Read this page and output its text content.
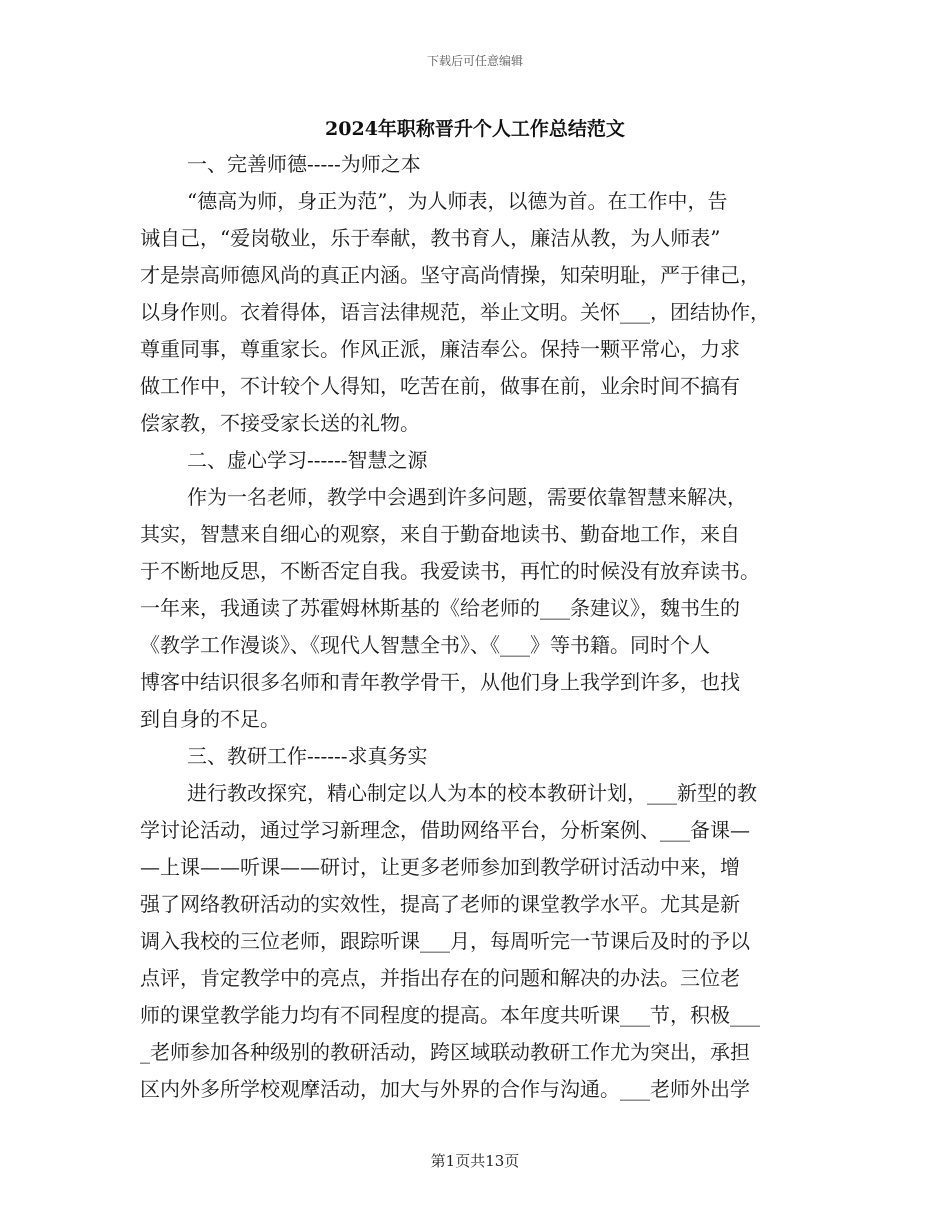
下载后可任意编辑
2024年职称晋升个人工作总结范文
一、完善师德-----为师之本
“德高为师，身正为范”，为人师表，以德为首。在工作中，告
诫自己，“爱岗敬业，乐于奉献，教书育人，廉洁从教，为人师表”
才是崇高师德风尚的真正内涵。坚守高尚情操，知荣明耻，严于律己，
以身作则。衣着得体，语言法律规范，举止文明。关怀___，团结协作，
尊重同事，尊重家长。作风正派，廉洁奉公。保持一颗平常心，力求
做工作中，不计较个人得知，吃苦在前，做事在前，业余时间不搞有
偿家教，不接受家长送的礼物。
二、虚心学习------智慧之源
作为一名老师，教学中会遇到许多问题，需要依靠智慧来解决，
其实，智慧来自细心的观察，来自于勤奋地读书、勤奋地工作，来自
于不断地反思，不断否定自我。我爱读书，再忙的时候没有放弃读书。
一年来，我通读了苏霍姆林斯基的《给老师的___条建议》，魏书生的
《教学工作漫谈》、《现代人智慧全书》、《___》等书籍。同时个人
博客中结识很多名师和青年教学骨干，从他们身上我学到许多，也找
到自身的不足。
三、教研工作------求真务实
进行教改探究，精心制定以人为本的校本教研计划，___新型的教
学讨论活动，通过学习新理念，借助网络平台，分析案例、___备课—
—上课——听课——研讨，让更多老师参加到教学研讨活动中来，增
强了网络教研活动的实效性，提高了老师的课堂教学水平。尤其是新
调入我校的三位老师，跟踪听课___月，每周听完一节课后及时的予以
点评，肯定教学中的亮点，并指出存在的问题和解决的办法。三位老
师的课堂教学能力均有不同程度的提高。本年度共听课___节，积极___
_老师参加各种级别的教研活动，跨区域联动教研工作尤为突出，承担
区内外多所学校观摩活动，加大与外界的合作与沟通。___老师外出学
第1页共13页
